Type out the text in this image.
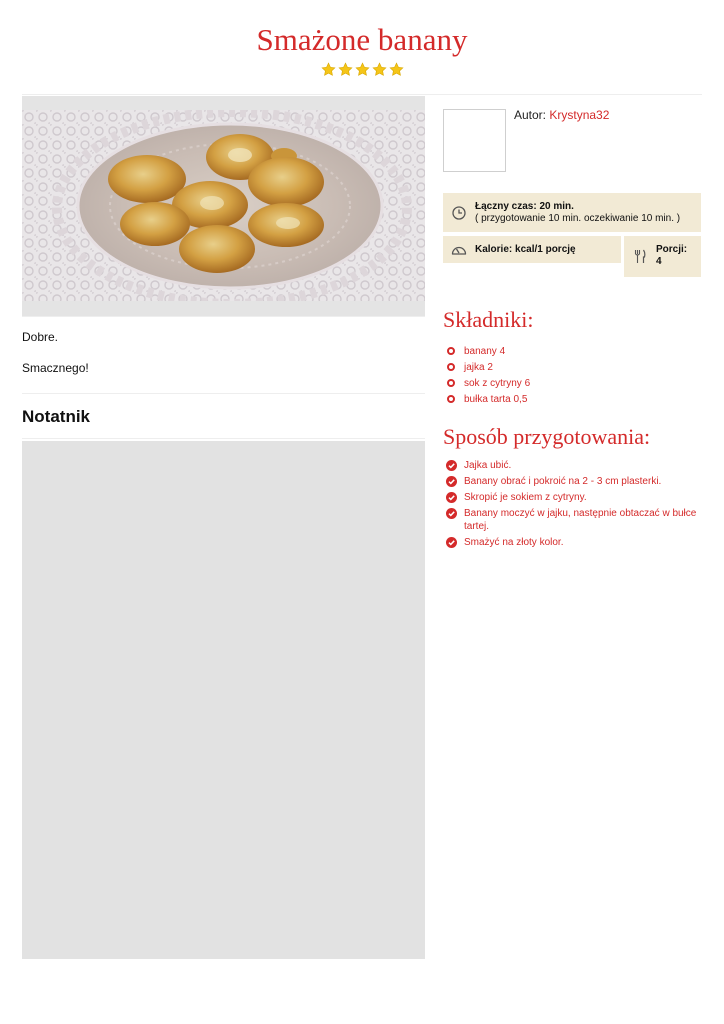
Smażone banany

Dobre.

Smacznego!

Notatnik
Autor: Krystyna32
Łączny czas: 20 min.
( przygotowanie 10 min. oczekiwanie 10 min. )
Kalorie: kcal/1 porcję	Porcji:
4
Składniki:
banany 4
jajka 2
sok z cytryny 6
bułka tarta 0,5
Sposób przygotowania:
Jajka ubić.
Banany obrać i pokroić na 2 - 3 cm plasterki.
Skropić je sokiem z cytryny.
Banany moczyć w jajku, następnie obtaczać w bułce tartej.
Smażyć na złoty kolor.
